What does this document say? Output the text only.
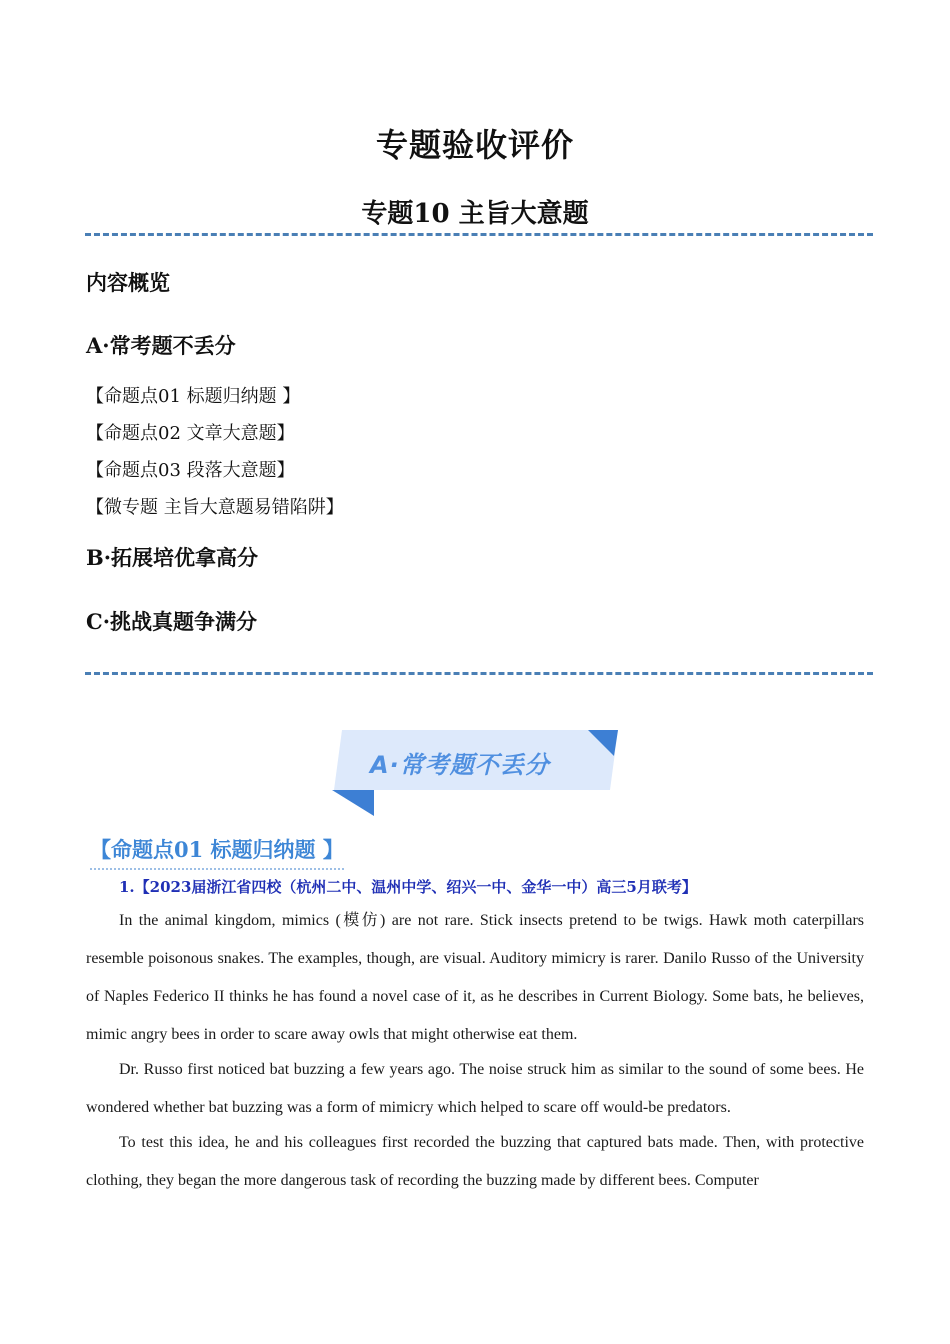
专题验收评价
专题10 主旨大意题
内容概览
A·常考题不丢分
【命题点01 标题归纳题 】
【命题点02 文章大意题】
【命题点03 段落大意题】
【微专题 主旨大意题易错陷阱】
B·拓展培优拿高分
C·挑战真题争满分
A·常考题不丢分
【命题点01 标题归纳题 】
1.【2023届浙江省四校（杭州二中、温州中学、绍兴一中、金华一中）高三5月联考】
In the animal kingdom, mimics (模仿) are not rare. Stick insects pretend to be twigs. Hawk moth caterpillars resemble poisonous snakes. The examples, though, are visual. Auditory mimicry is rarer. Danilo Russo of the University of Naples Federico II thinks he has found a novel case of it, as he describes in Current Biology. Some bats, he believes, mimic angry bees in order to scare away owls that might otherwise eat them.
Dr. Russo first noticed bat buzzing a few years ago. The noise struck him as similar to the sound of some bees. He wondered whether bat buzzing was a form of mimicry which helped to scare off would-be predators.
To test this idea, he and his colleagues first recorded the buzzing that captured bats made. Then, with protective clothing, they began the more dangerous task of recording the buzzing made by different bees. Computer
